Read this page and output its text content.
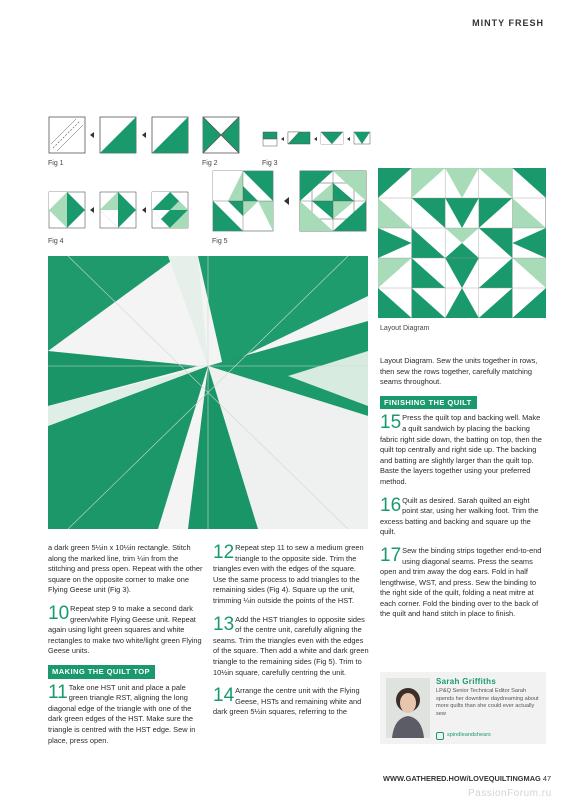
MINTY FRESH
Fig 1	Fig 2	Fig 3
Fig 4	Fig 5
Layout Diagram

a dark green 5½in x 10½in rectangle. Stitch along the marked line, trim ¼in from the stitching and press open. Repeat with the other square on the opposite corner to make one Flying Geese unit (Fig 3).

10 Repeat step 9 to make a second dark green/white Flying Geese unit. Repeat again using light green squares and white rectangles to make two white/light green Flying Geese units.
MAKING THE QUILT TOP
11 Take one HST unit and place a pale green triangle RST, aligning the long diagonal edge of the triangle with one of the dark green edges of the HST. Make sure the triangle is centred with the HST edge. Sew in place, press open.
12 Repeat step 11 to sew a medium green triangle to the opposite side. Trim the triangles even with the edges of the square. Use the same process to add triangles to the remaining sides (Fig 4). Square up the unit, trimming ¼in outside the points of the HST.
13 Add the HST triangles to opposite sides of the centre unit, carefully aligning the seams. Trim the triangles even with the edges of the square. Then add a white and dark green triangle to the remaining sides (Fig 5). Trim to 10½in square, carefully centring the unit.
14 Arrange the centre unit with the Flying Geese, HSTs and remaining white and dark green 5½in squares, referring to the

Layout Diagram. Sew the units together in rows, then sew the rows together, carefully matching seams throughout.

FINISHING THE QUILT
15 Press the quilt top and backing well. Make a quilt sandwich by placing the backing fabric right side down, the batting on top, then the quilt top centrally and right side up. The backing and batting are slightly larger than the quilt top. Baste the layers together using your preferred method.
16 Quilt as desired. Sarah quilted an eight point star, using her walking foot. Trim the excess batting and backing and square up the quilt.
17 Sew the binding strips together end-to-end using diagonal seams. Press the seams open and trim away the dog ears. Fold in half lengthwise, WST, and press. Sew the binding to the right side of the quilt, folding a neat mitre at each corner. Fold the binding over to the back of the quilt and hand stitch in place to finish.
Sarah Griffiths
LP&Q Senior Technical Editor Sarah spends her downtime daydreaming about more quilts than she could ever actually sew
spindleandshears
WWW.GATHERED.HOW/LOVEQUILTINGMAG 47
PassionForum.ru
